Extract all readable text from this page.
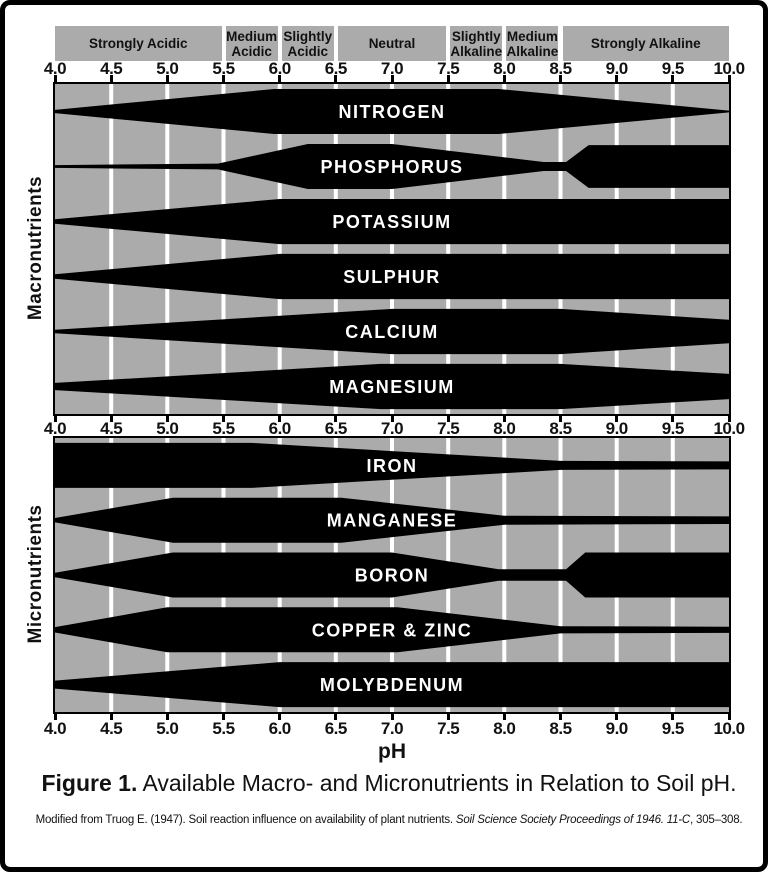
Strongly Acidic	Medium
Acidic
Slightly
Acidic	Neutral	Slightly
Alkaline
Medium
Alkaline Strongly Alkaline
4.0	4.5	5.0	5.5	6.0	6.5	7.0	7.5	8.0	8.5	9.0	9.5	10.0
NITROGEN
PHOSPHORUS
POTASSIUM
SULPHUR
CALCIUM
MAGNESIUM
4.0	4.5	5.0	5.5	6.0	6.5	7.0	7.5	8.0	8.5	9.0	9.5	10.0
IRON
MANGANESE
BORON
COPPER & ZINC
MOLYBDENUM
4.0	4.5	5.0	5.5	6.0	6.5	7.0	7.5	8.0	8.5	9.0	9.5	10.0
Macronutrients
Micronutrients
pH
Figure 1. Available Macro- and Micronutrients in Relation to Soil pH.
Modified from Truog E. (1947). Soil reaction influence on availability of plant nutrients. Soil Science Society Proceedings of 1946. 11-C, 305–308.
